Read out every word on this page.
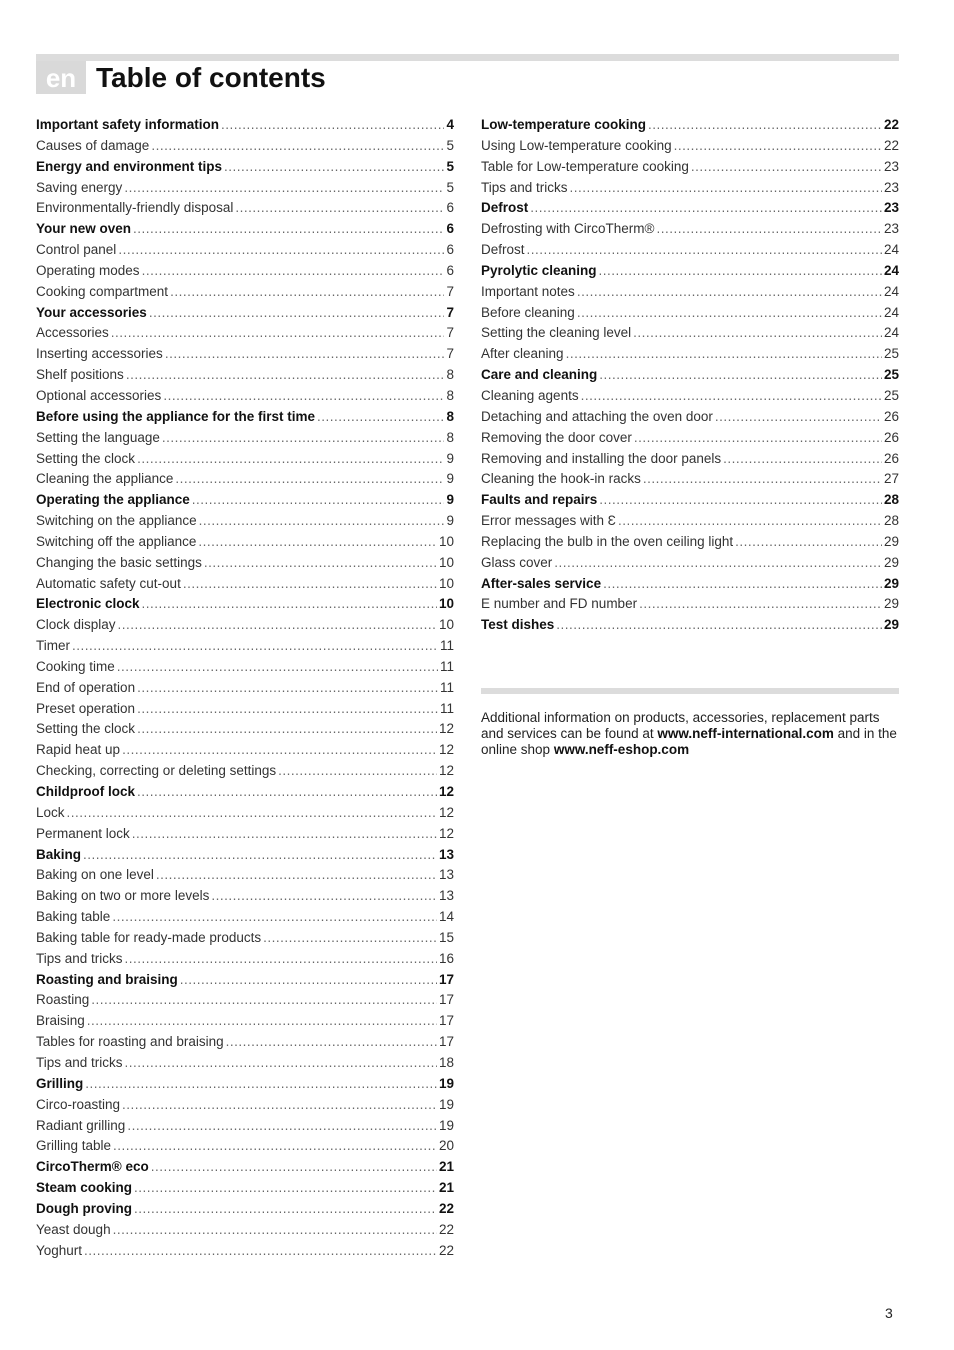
en Table of contents
Important safety information .....	4
Causes of damage .....	5
Energy and environment tips .....	5
Saving energy .....	5
Environmentally-friendly disposal .....	6
Your new oven .....	6
Control panel .....	6
Operating modes .....	6
Cooking compartment .....	7
Your accessories .....	7
Accessories .....	7
Inserting accessories .....	7
Shelf positions .....	8
Optional accessories .....	8
Before using the appliance for the first time .....	8
Setting the language .....	8
Setting the clock .....	9
Cleaning the appliance .....	9
Operating the appliance .....	9
Switching on the appliance .....	9
Switching off the appliance .....	10
Changing the basic settings .....	10
Automatic safety cut-out .....	10
Electronic clock .....	10
Clock display .....	10
Timer .....	11
Cooking time .....	11
End of operation .....	11
Preset operation .....	11
Setting the clock .....	12
Rapid heat up .....	12
Checking, correcting or deleting settings .....	12
Childproof lock .....	12
Lock .....	12
Permanent lock .....	12
Baking .....	13
Baking on one level .....	13
Baking on two or more levels .....	13
Baking table .....	14
Baking table for ready-made products .....	15
Tips and tricks .....	16
Roasting and braising .....	17
Roasting .....	17
Braising .....	17
Tables for roasting and braising .....	17
Tips and tricks .....	18
Grilling .....	19
Circo-roasting .....	19
Radiant grilling .....	19
Grilling table .....	20
CircoTherm® eco .....	21
Steam cooking .....	21
Dough proving .....	22
Yeast dough .....	22
Yoghurt .....	22
Low-temperature cooking .....	22
Using Low-temperature cooking .....	22
Table for Low-temperature cooking .....	23
Tips and tricks .....	23
Defrost .....	23
Defrosting with CircoTherm® .....	23
Defrost .....	24
Pyrolytic cleaning .....	24
Important notes .....	24
Before cleaning .....	24
Setting the cleaning level .....	24
After cleaning .....	25
Care and cleaning .....	25
Cleaning agents .....	25
Detaching and attaching the oven door .....	26
Removing the door cover .....	26
Removing and installing the door panels .....	26
Cleaning the hook-in racks .....	27
Faults and repairs .....	28
Error messages with Ɛ .....	28
Replacing the bulb in the oven ceiling light .....	29
Glass cover .....	29
After-sales service .....	29
E number and FD number .....	29
Test dishes .....	29

Additional information on products, accessories, replacement parts and services can be found at www.neff-international.com and in the online shop www.neff-eshop.com

3
